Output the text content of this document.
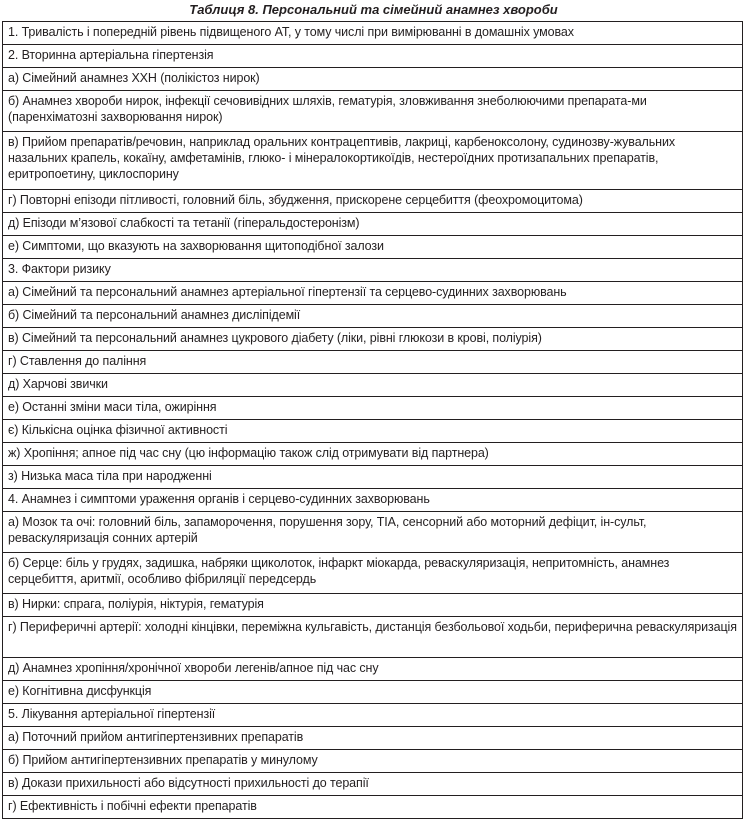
Таблиця 8. Персональний та сімейний анамнез хвороби
1. Тривалість і попередній рівень підвищеного АТ, у тому числі при вимірюванні в домашніх умовах
2. Вторинна артеріальна гіпертензія
а) Сімейний анамнез ХХН (полікістоз нирок)
б) Анамнез хвороби нирок, інфекції сечовивідних шляхів, гематурія, зловживання знеболюючими препарата-ми (паренхіматозні захворювання нирок)
в) Прийом препаратів/речовин, наприклад оральних контрацептивів, лакриці, карбеноксолону, судинозву-жувальних назальних крапель, кокаїну, амфетамінів, глюко- і мінералокортикоїдів, нестероїдних протизапальних препаратів, еритропоетину, циклоспорину
г) Повторні епізоди пітливості, головний біль, збудження, прискорене серцебиття (феохромоцитома)
д) Епізоди м’язової слабкості та тетанії (гіперальдостеронізм)
е) Симптоми, що вказують на захворювання щитоподібної залози
3. Фактори ризику
а) Сімейний та персональний анамнез артеріальної гіпертензії та серцево-судинних захворювань
б) Сімейний та персональний анамнез дисліпідемії
в) Сімейний та персональний анамнез цукрового діабету (ліки, рівні глюкози в крові, поліурія)
г) Ставлення до паління
д) Харчові звички
е) Останні зміни маси тіла, ожиріння
є) Кількісна оцінка фізичної активності
ж) Хропіння; апное під час сну (цю інформацію також слід отримувати від партнера)
з) Низька маса тіла при народженні
4. Анамнез і симптоми ураження органів і серцево-судинних захворювань
а) Мозок та очі: головний біль, запаморочення, порушення зору, ТІА, сенсорний або моторний дефіцит, ін-сульт, реваскуляризація сонних артерій
б) Серце: біль у грудях, задишка, набряки щиколоток, інфаркт міокарда, реваскуляризація, непритомність, анамнез серцебиття, аритмії, особливо фібриляції передсердь
в) Нирки: спрага, поліурія, ніктурія, гематурія
г) Периферичні артерії: холодні кінцівки, переміжна кульгавість, дистанція безбольової ходьби, периферична реваскуляризація
д) Анамнез хропіння/хронічної хвороби легенів/апное під час сну
е) Когнітивна дисфункція
5. Лікування артеріальної гіпертензії
а) Поточний прийом антигіпертензивних препаратів
б) Прийом антигіпертензивних препаратів у минулому
в) Докази прихильності або відсутності прихильності до терапії
г) Ефективність і побічні ефекти препаратів
